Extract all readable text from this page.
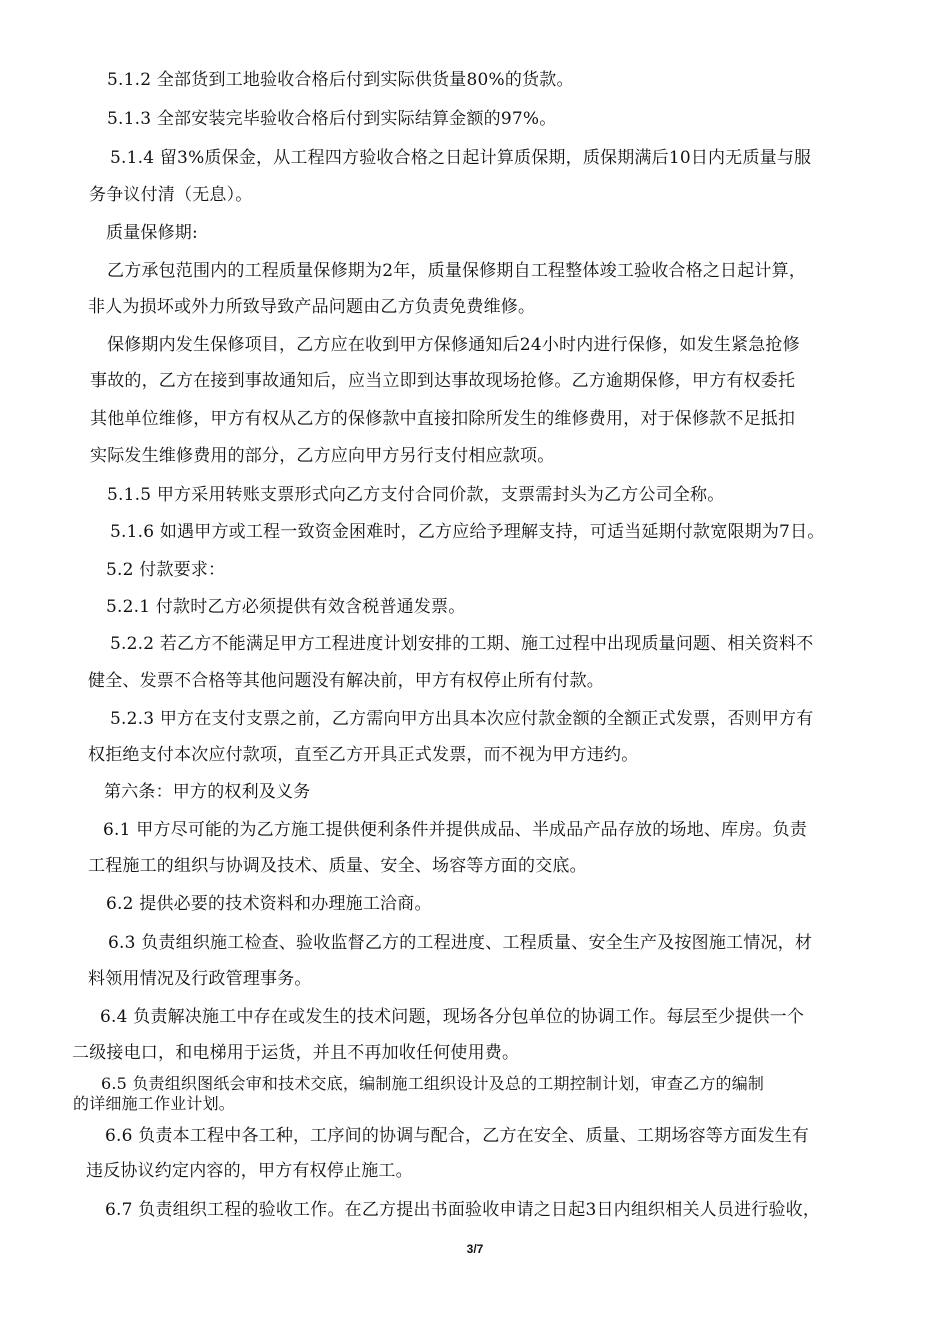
5.1.2 全部货到工地验收合格后付到实际供货量80%的货款。
5.1.3 全部安装完毕验收合格后付到实际结算金额的97%。
5.1.4 留3%质保金，从工程四方验收合格之日起计算质保期，质保期满后10日内无质量与服
务争议付清（无息）。
质量保修期:
乙方承包范围内的工程质量保修期为2年，质量保修期自工程整体竣工验收合格之日起计算，
非人为损坏或外力所致导致产品问题由乙方负责免费维修。
保修期内发生保修项目，乙方应在收到甲方保修通知后24小时内进行保修，如发生紧急抢修
事故的，乙方在接到事故通知后，应当立即到达事故现场抢修。乙方逾期保修，甲方有权委托
其他单位维修，甲方有权从乙方的保修款中直接扣除所发生的维修费用，对于保修款不足抵扣
实际发生维修费用的部分，乙方应向甲方另行支付相应款项。
5.1.5 甲方采用转账支票形式向乙方支付合同价款，支票需封头为乙方公司全称。
5.1.6 如遇甲方或工程一致资金困难时，乙方应给予理解支持，可适当延期付款宽限期为7日。
5.2 付款要求：
5.2.1 付款时乙方必须提供有效含税普通发票。
5.2.2 若乙方不能满足甲方工程进度计划安排的工期、施工过程中出现质量问题、相关资料不
健全、发票不合格等其他问题没有解决前，甲方有权停止所有付款。
5.2.3 甲方在支付支票之前，乙方需向甲方出具本次应付款金额的全额正式发票，否则甲方有
权拒绝支付本次应付款项，直至乙方开具正式发票，而不视为甲方违约。
第六条：甲方的权利及义务
6.1 甲方尽可能的为乙方施工提供便利条件并提供成品、半成品产品存放的场地、库房。负责
工程施工的组织与协调及技术、质量、安全、场容等方面的交底。
6.2 提供必要的技术资料和办理施工洽商。
6.3 负责组织施工检查、验收监督乙方的工程进度、工程质量、安全生产及按图施工情况，材
料领用情况及行政管理事务。
6.4 负责解决施工中存在或发生的技术问题，现场各分包单位的协调工作。每层至少提供一个
二级接电口，和电梯用于运货，并且不再加收任何使用费。
6.5 负责组织图纸会审和技术交底，编制施工组织设计及总的工期控制计划，审查乙方的编制
的详细施工作业计划。
6.6 负责本工程中各工种，工序间的协调与配合，乙方在安全、质量、工期场容等方面发生有
违反协议约定内容的，甲方有权停止施工。
6.7 负责组织工程的验收工作。在乙方提出书面验收申请之日起3日内组织相关人员进行验收，
3/7
